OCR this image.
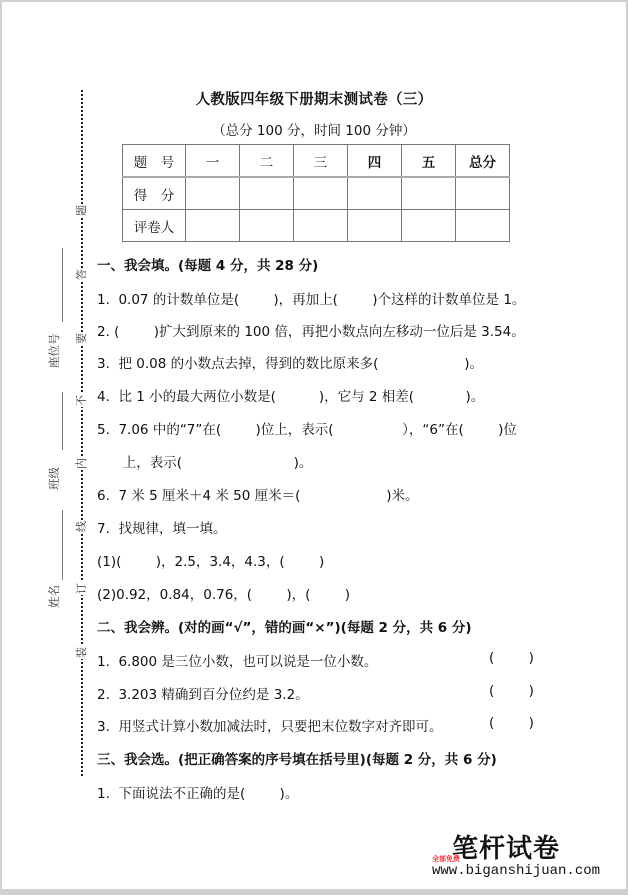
题
答
要
不
内
线
订
装
座位号
班级
姓名
人教版四年级下册期末测试卷（三）
（总分 100 分，时间 100 分钟）
题　号	一	二	三	四	五	总分
得　分						
评卷人						
一、我会填。(每题 4 分，共 28 分)
1.  0.07 的计数单位是(        )，再加上(        )个这样的计数单位是 1。
2. (        )扩大到原来的 100 倍，再把小数点向左移动一位后是 3.54。
3.  把 0.08 的小数点去掉，得到的数比原来多(                    )。
4.  比 1 小的最大两位小数是(          )，它与 2 相差(            )。
5.  7.06 中的“7”在(        )位上，表示(                ），“6”在(        )位
上，表示(                          )。
6.  7 米 5 厘米＋4 米 50 厘米＝(                    )米。
7.  找规律，填一填。
(1)(        )，2.5，3.4，4.3，(        )
(2)0.92，0.84，0.76，(        )，(        )
二、我会辨。(对的画“√”，错的画“×”)(每题 2 分，共 6 分)
1.  6.800 是三位小数，也可以说是一位小数。	(        )
2.  3.203 精确到百分位约是 3.2。	(        )
3.  用竖式计算小数加减法时，只要把末位数字对齐即可。	(        )
三、我会选。(把正确答案的序号填在括号里)(每题 2 分，共 6 分)
1.  下面说法不正确的是(        )。
笔杆试卷
全部免费
www.biganshijuan.com
